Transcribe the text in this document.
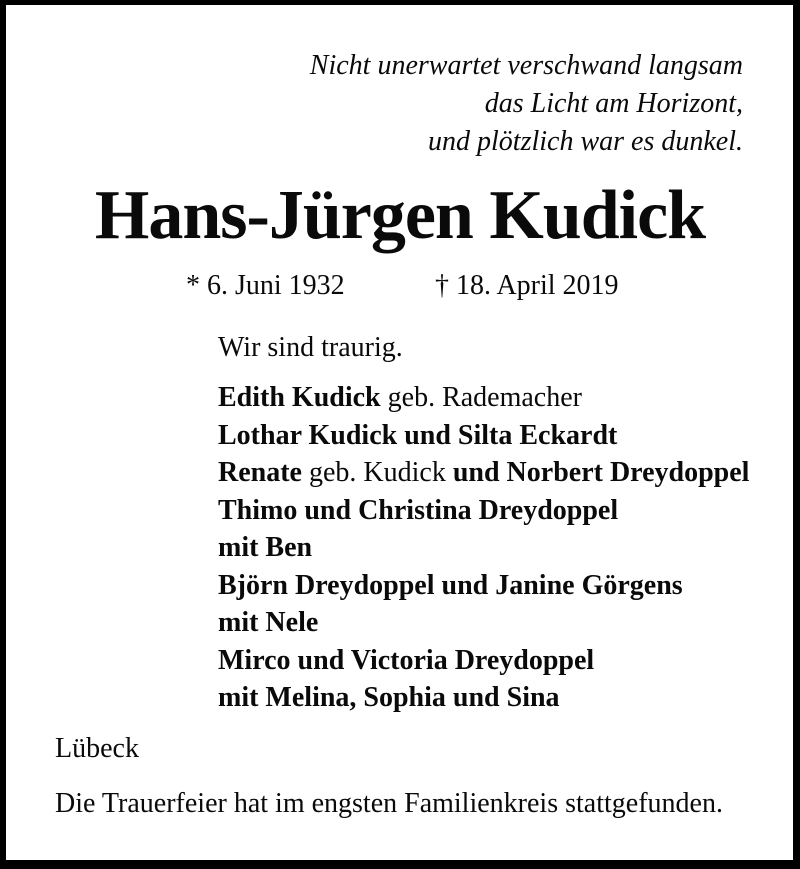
Nicht unerwartet verschwand langsam
das Licht am Horizont,
und plötzlich war es dunkel.
Hans-Jürgen Kudick
* 6. Juni 1932	† 18. April 2019
Wir sind traurig.
Edith Kudick geb. Rademacher
Lothar Kudick und Silta Eckardt
Renate geb. Kudick und Norbert Dreydoppel
Thimo und Christina Dreydoppel
mit Ben
Björn Dreydoppel und Janine Görgens
mit Nele
Mirco und Victoria Dreydoppel
mit Melina, Sophia und Sina
Lübeck
Die Trauerfeier hat im engsten Familienkreis stattgefunden.
